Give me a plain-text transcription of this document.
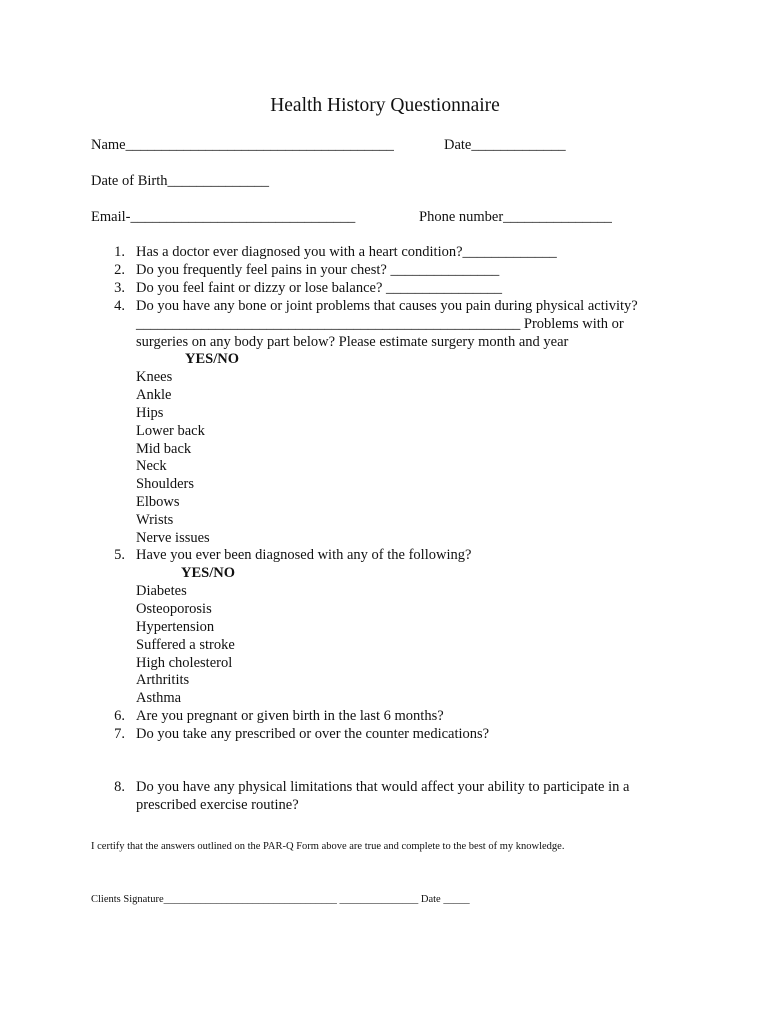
Health History Questionnaire
Name_____________________________________	Date_____________
Date of Birth______________
Email-_______________________________	Phone number_______________
1. Has a doctor ever diagnosed you with a heart condition?_____________
2. Do you frequently feel pains in your chest? _______________
3. Do you feel faint or dizzy or lose balance? ________________
4. Do you have any bone or joint problems that causes you pain during physical activity?
_____________________________________________________ Problems with or
surgeries on any body part below? Please estimate surgery month and year
YES/NO
Knees
Ankle
Hips
Lower back
Mid back
Neck
Shoulders
Elbows
Wrists
Nerve issues
5. Have you ever been diagnosed with any of the following?
YES/NO
Diabetes
Osteoporosis
Hypertension
Suffered a stroke
High cholesterol
Arthritits
Asthma
6. Are you pregnant or given birth in the last 6 months?
7. Do you take any prescribed or over the counter medications?
8. Do you have any physical limitations that would affect your ability to participate in a
prescribed exercise routine?
I certify that the answers outlined on the PAR-Q Form above are true and complete to the best of my knowledge.
Clients Signature_________________________________ _______________ Date _____
